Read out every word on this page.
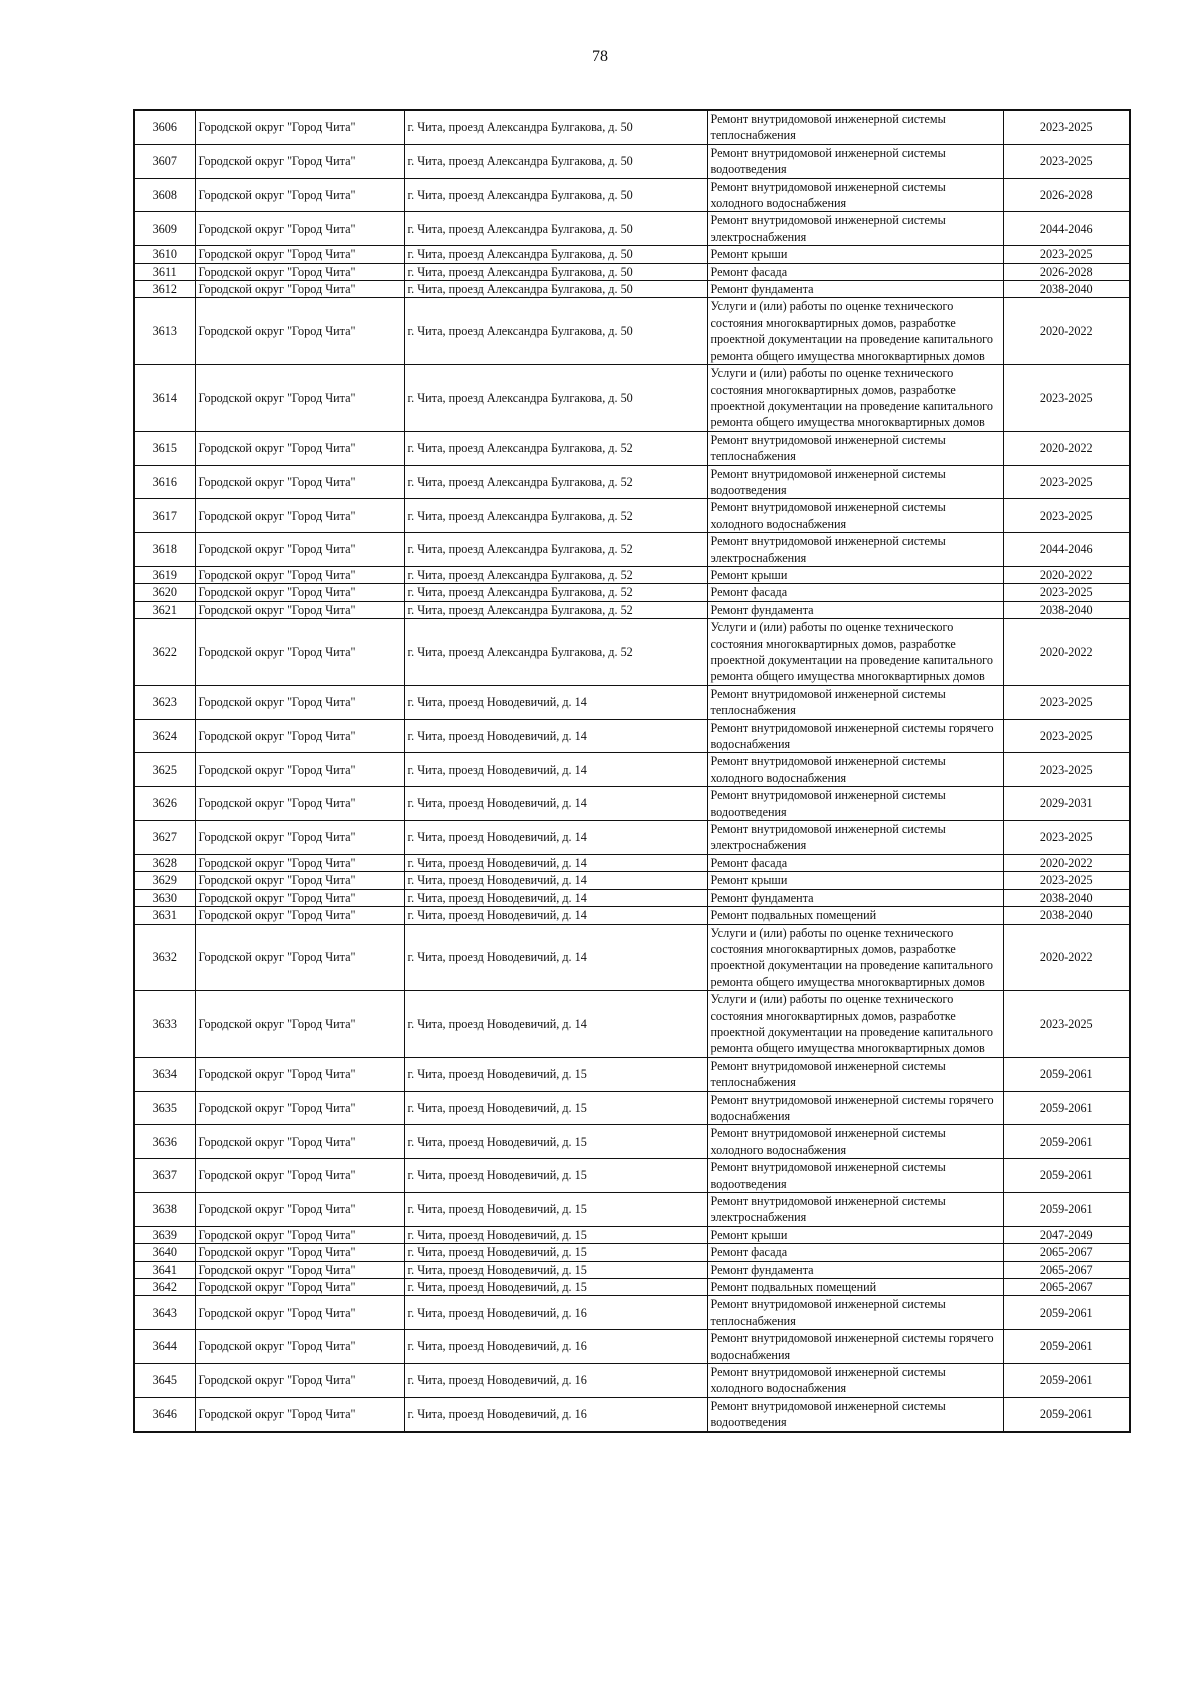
78
3606	Городской округ "Город Чита"	г. Чита, проезд Александра Булгакова, д. 50	Ремонт внутридомовой инженерной системы теплоснабжения	2023-2025
3607	Городской округ "Город Чита"	г. Чита, проезд Александра Булгакова, д. 50	Ремонт внутридомовой инженерной системы водоотведения	2023-2025
3608	Городской округ "Город Чита"	г. Чита, проезд Александра Булгакова, д. 50	Ремонт внутридомовой инженерной системы холодного водоснабжения	2026-2028
3609	Городской округ "Город Чита"	г. Чита, проезд Александра Булгакова, д. 50	Ремонт внутридомовой инженерной системы электроснабжения	2044-2046
3610	Городской округ "Город Чита"	г. Чита, проезд Александра Булгакова, д. 50	Ремонт крыши	2023-2025
3611	Городской округ "Город Чита"	г. Чита, проезд Александра Булгакова, д. 50	Ремонт фасада	2026-2028
3612	Городской округ "Город Чита"	г. Чита, проезд Александра Булгакова, д. 50	Ремонт фундамента	2038-2040
3613	Городской округ "Город Чита"	г. Чита, проезд Александра Булгакова, д. 50	Услуги и (или) работы по оценке технического состояния многоквартирных домов, разработке проектной документации на проведение капитального ремонта общего имущества многоквартирных домов	2020-2022
3614	Городской округ "Город Чита"	г. Чита, проезд Александра Булгакова, д. 50	Услуги и (или) работы по оценке технического состояния многоквартирных домов, разработке проектной документации на проведение капитального ремонта общего имущества многоквартирных домов	2023-2025
3615	Городской округ "Город Чита"	г. Чита, проезд Александра Булгакова, д. 52	Ремонт внутридомовой инженерной системы теплоснабжения	2020-2022
3616	Городской округ "Город Чита"	г. Чита, проезд Александра Булгакова, д. 52	Ремонт внутридомовой инженерной системы водоотведения	2023-2025
3617	Городской округ "Город Чита"	г. Чита, проезд Александра Булгакова, д. 52	Ремонт внутридомовой инженерной системы холодного водоснабжения	2023-2025
3618	Городской округ "Город Чита"	г. Чита, проезд Александра Булгакова, д. 52	Ремонт внутридомовой инженерной системы электроснабжения	2044-2046
3619	Городской округ "Город Чита"	г. Чита, проезд Александра Булгакова, д. 52	Ремонт крыши	2020-2022
3620	Городской округ "Город Чита"	г. Чита, проезд Александра Булгакова, д. 52	Ремонт фасада	2023-2025
3621	Городской округ "Город Чита"	г. Чита, проезд Александра Булгакова, д. 52	Ремонт фундамента	2038-2040
3622	Городской округ "Город Чита"	г. Чита, проезд Александра Булгакова, д. 52	Услуги и (или) работы по оценке технического состояния многоквартирных домов, разработке проектной документации на проведение капитального ремонта общего имущества многоквартирных домов	2020-2022
3623	Городской округ "Город Чита"	г. Чита, проезд Новодевичий, д. 14	Ремонт внутридомовой инженерной системы теплоснабжения	2023-2025
3624	Городской округ "Город Чита"	г. Чита, проезд Новодевичий, д. 14	Ремонт внутридомовой инженерной системы горячего водоснабжения	2023-2025
3625	Городской округ "Город Чита"	г. Чита, проезд Новодевичий, д. 14	Ремонт внутридомовой инженерной системы холодного водоснабжения	2023-2025
3626	Городской округ "Город Чита"	г. Чита, проезд Новодевичий, д. 14	Ремонт внутридомовой инженерной системы водоотведения	2029-2031
3627	Городской округ "Город Чита"	г. Чита, проезд Новодевичий, д. 14	Ремонт внутридомовой инженерной системы электроснабжения	2023-2025
3628	Городской округ "Город Чита"	г. Чита, проезд Новодевичий, д. 14	Ремонт фасада	2020-2022
3629	Городской округ "Город Чита"	г. Чита, проезд Новодевичий, д. 14	Ремонт крыши	2023-2025
3630	Городской округ "Город Чита"	г. Чита, проезд Новодевичий, д. 14	Ремонт фундамента	2038-2040
3631	Городской округ "Город Чита"	г. Чита, проезд Новодевичий, д. 14	Ремонт подвальных помещений	2038-2040
3632	Городской округ "Город Чита"	г. Чита, проезд Новодевичий, д. 14	Услуги и (или) работы по оценке технического состояния многоквартирных домов, разработке проектной документации на проведение капитального ремонта общего имущества многоквартирных домов	2020-2022
3633	Городской округ "Город Чита"	г. Чита, проезд Новодевичий, д. 14	Услуги и (или) работы по оценке технического состояния многоквартирных домов, разработке проектной документации на проведение капитального ремонта общего имущества многоквартирных домов	2023-2025
3634	Городской округ "Город Чита"	г. Чита, проезд Новодевичий, д. 15	Ремонт внутридомовой инженерной системы теплоснабжения	2059-2061
3635	Городской округ "Город Чита"	г. Чита, проезд Новодевичий, д. 15	Ремонт внутридомовой инженерной системы горячего водоснабжения	2059-2061
3636	Городской округ "Город Чита"	г. Чита, проезд Новодевичий, д. 15	Ремонт внутридомовой инженерной системы холодного водоснабжения	2059-2061
3637	Городской округ "Город Чита"	г. Чита, проезд Новодевичий, д. 15	Ремонт внутридомовой инженерной системы водоотведения	2059-2061
3638	Городской округ "Город Чита"	г. Чита, проезд Новодевичий, д. 15	Ремонт внутридомовой инженерной системы электроснабжения	2059-2061
3639	Городской округ "Город Чита"	г. Чита, проезд Новодевичий, д. 15	Ремонт крыши	2047-2049
3640	Городской округ "Город Чита"	г. Чита, проезд Новодевичий, д. 15	Ремонт фасада	2065-2067
3641	Городской округ "Город Чита"	г. Чита, проезд Новодевичий, д. 15	Ремонт фундамента	2065-2067
3642	Городской округ "Город Чита"	г. Чита, проезд Новодевичий, д. 15	Ремонт подвальных помещений	2065-2067
3643	Городской округ "Город Чита"	г. Чита, проезд Новодевичий, д. 16	Ремонт внутридомовой инженерной системы теплоснабжения	2059-2061
3644	Городской округ "Город Чита"	г. Чита, проезд Новодевичий, д. 16	Ремонт внутридомовой инженерной системы горячего водоснабжения	2059-2061
3645	Городской округ "Город Чита"	г. Чита, проезд Новодевичий, д. 16	Ремонт внутридомовой инженерной системы холодного водоснабжения	2059-2061
3646	Городской округ "Город Чита"	г. Чита, проезд Новодевичий, д. 16	Ремонт внутридомовой инженерной системы водоотведения	2059-2061
